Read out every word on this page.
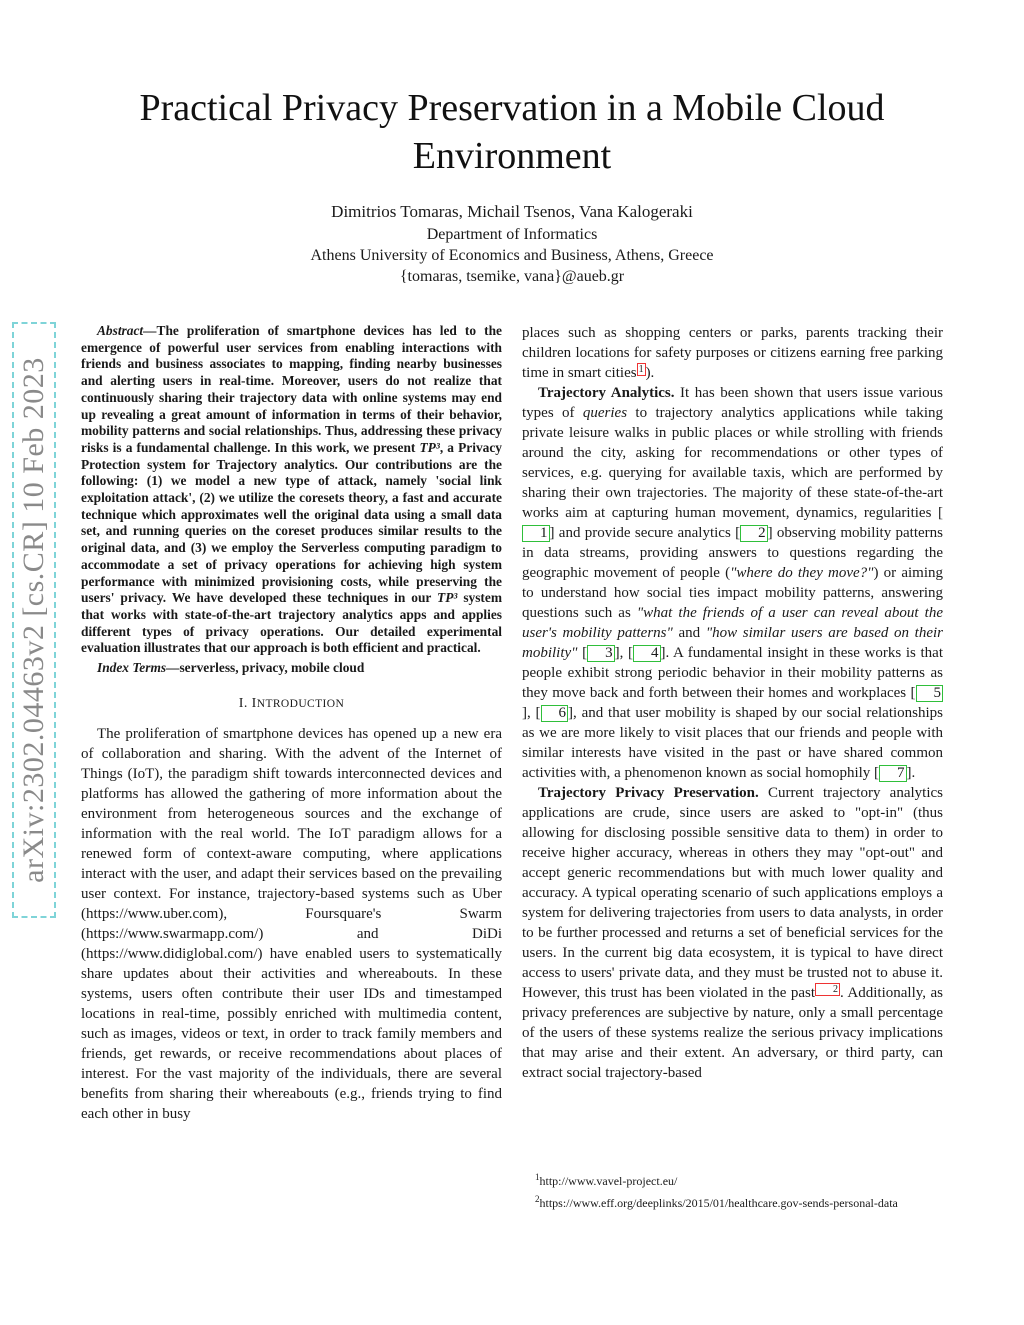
arXiv:2302.04463v2 [cs.CR] 10 Feb 2023
Practical Privacy Preservation in a Mobile Cloud Environment
Dimitrios Tomaras, Michail Tsenos, Vana Kalogeraki
Department of Informatics
Athens University of Economics and Business, Athens, Greece
{tomaras, tsemike, vana}@aueb.gr

Abstract—The proliferation of smartphone devices has led to the emergence of powerful user services from enabling interactions with friends and business associates to mapping, finding nearby businesses and alerting users in real-time. Moreover, users do not realize that continuously sharing their trajectory data with online systems may end up revealing a great amount of information in terms of their behavior, mobility patterns and social relationships. Thus, addressing these privacy risks is a fundamental challenge. In this work, we present TP³, a Privacy Protection system for Trajectory analytics. Our contributions are the following: (1) we model a new type of attack, namely 'social link exploitation attack', (2) we utilize the coresets theory, a fast and accurate technique which approximates well the original data using a small data set, and running queries on the coreset produces similar results to the original data, and (3) we employ the Serverless computing paradigm to accommodate a set of privacy operations for achieving high system performance with minimized provisioning costs, while preserving the users' privacy. We have developed these techniques in our TP³ system that works with state-of-the-art trajectory analytics apps and applies different types of privacy operations. Our detailed experimental evaluation illustrates that our approach is both efficient and practical.

Index Terms—serverless, privacy, mobile cloud

I. INTRODUCTION

The proliferation of smartphone devices has opened up a new era of collaboration and sharing. With the advent of the Internet of Things (IoT), the paradigm shift towards interconnected devices and platforms has allowed the gathering of more information about the environment from heterogeneous sources and the exchange of information with the real world. The IoT paradigm allows for a renewed form of context-aware computing, where applications interact with the user, and adapt their services based on the prevailing user context. For instance, trajectory-based systems such as Uber (https://www.uber.com), Foursquare's Swarm (https://www.swarmapp.com/) and DiDi (https://www.didiglobal.com/) have enabled users to systematically share updates about their activities and whereabouts. In these systems, users often contribute their user IDs and timestamped locations in real-time, possibly enriched with multimedia content, such as images, videos or text, in order to track family members and friends, get rewards, or receive recommendations about places of interest. For the vast majority of the individuals, there are several benefits from sharing their whereabouts (e.g., friends trying to find each other in busy

places such as shopping centers or parks, parents tracking their children locations for safety purposes or citizens earning free parking time in smart cities 1 ).

Trajectory Analytics. It has been shown that users issue various types of queries to trajectory analytics applications while taking private leisure walks in public places or while strolling with friends around the city, asking for recommendations or other types of services, e.g. querying for available taxis, which are performed by sharing their own trajectories. The majority of these state-of-the-art works aim at capturing human movement, dynamics, regularities [1 ] and provide secure analytics [ 2 ] observing mobility patterns in data streams, providing answers to questions regarding the geographic movement of people ("where do they move?") or aiming to understand how social ties impact mobility patterns, answering questions such as "what the friends of a user can reveal about the user's mobility patterns" and "how similar users are based on their mobility" [ 3 ], [ 4 ]. A fundamental insight in these works is that people exhibit strong periodic behavior in their mobility patterns as they move back and forth between their homes and workplaces [ 5], [ 6 ], and that user mobility is shaped by our social relationships as we are more likely to visit places that our friends and people with similar interests have visited in the past or have shared common activities with, a phenomenon known as social homophily [ 7 ].

Trajectory Privacy Preservation. Current trajectory analytics applications are crude, since users are asked to "opt-in" (thus allowing for disclosing possible sensitive data to them) in order to receive higher accuracy, whereas in others they may "opt-out" and accept generic recommendations but with much lower quality and accuracy. A typical operating scenario of such applications employs a system for delivering trajectories from users to data analysts, in order to be further processed and returns a set of beneficial services for the users. In the current big data ecosystem, it is typical to have direct access to users' private data, and they must be trusted not to abuse it. However, this trust has been violated in the past 2 . Additionally, as privacy preferences are subjective by nature, only a small percentage of the users of these systems realize the serious privacy implications that may arise and their extent. An adversary, or third party, can extract social trajectory-based

$^1$http://www.vavel-project.eu/
$^2$https://www.eff.org/deeplinks/2015/01/healthcare.gov-sends-personal-data
